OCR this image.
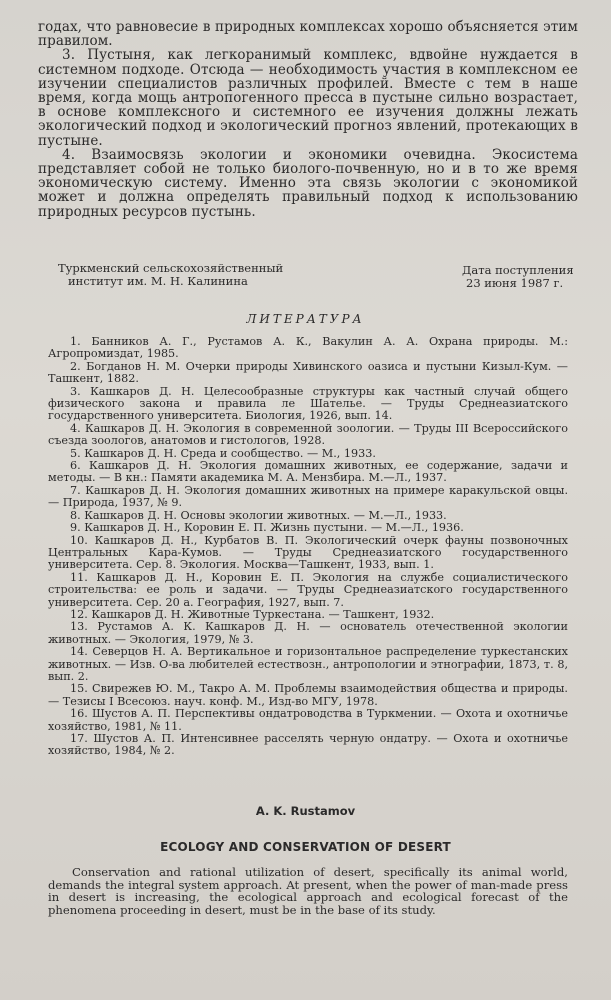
годах, что равновесие в природных комплексах хорошо объясняется этим правилом.

3. Пустыня, как легкоранимый комплекс, вдвойне нуждается в системном подходе. Отсюда — необходимость участия в комплексном ее изучении специалистов различных профилей. Вместе с тем в наше время, когда мощь антропогенного пресса в пустыне сильно возрастает, в основе комплексного и системного ее изучения должны лежать экологический подход и экологический прогноз явлений, протекающих в пустыне.

4. Взаимосвязь экологии и экономики очевидна. Экосистема представляет собой не только биолого-почвенную, но и в то же время экономическую систему. Именно эта связь экологии с экономикой может и должна определять правильный подход к использованию природных ресурсов пустынь.

Туркменский сельскохозяйственный
институт им. М. Н. Калинина
Дата поступления
23 июня 1987 г.
ЛИТЕРАТУРА

1. Банников А. Г., Рустамов А. К., Вакулин А. А. Охрана природы. М.: Агропромиздат, 1985.

2. Богданов Н. М. Очерки природы Хивинского оазиса и пустыни Кизыл-Кум. — Ташкент, 1882.

3. Кашкаров Д. Н. Целесообразные структуры как частный случай общего физического закона и правила ле Шателье. — Труды Среднеазиатского государственного университета. Биология, 1926, вып. 14.

4. Кашкаров Д. Н. Экология в современной зоологии. — Труды III Всероссийского съезда зоологов, анатомов и гистологов, 1928.

5. Кашкаров Д. Н. Среда и сообщество. — М., 1933.

6. Кашкаров Д. Н. Экология домашних животных, ее содержание, задачи и методы. — В кн.: Памяти академика М. А. Мензбира. М.—Л., 1937.

7. Кашкаров Д. Н. Экология домашних животных на примере каракульской овцы. — Природа, 1937, № 9.

8. Кашкаров Д. Н. Основы экологии животных. — М.—Л., 1933.

9. Кашкаров Д. Н., Коровин Е. П. Жизнь пустыни. — М.—Л., 1936.

10. Кашкаров Д. Н., Курбатов В. П. Экологический очерк фауны позвоночных Центральных Кара-Кумов. — Труды Среднеазиатского государственного университета. Сер. 8. Экология. Москва—Ташкент, 1933, вып. 1.

11. Кашкаров Д. Н., Коровин Е. П. Экология на службе социалистического строительства: ее роль и задачи. — Труды Среднеазиатского государственного университета. Сер. 20 а. География, 1927, вып. 7.

12. Кашкаров Д. Н. Животные Туркестана. — Ташкент, 1932.

13. Рустамов А. К. Кашкаров Д. Н. — основатель отечественной экологии животных. — Экология, 1979, № 3.

14. Северцов Н. А. Вертикальное и горизонтальное распределение туркестанских животных. — Изв. О-ва любителей естествозн., антропологии и этнографии, 1873, т. 8, вып. 2.

15. Свирежев Ю. М., Такро А. М. Проблемы взаимодействия общества и природы. — Тезисы I Всесоюз. науч. конф. М., Изд-во МГУ, 1978.

16. Шустов А. П. Перспективы ондатроводства в Туркмении. — Охота и охотничье хозяйство, 1981, № 11.

17. Шустов А. П. Интенсивнее расселять черную ондатру. — Охота и охотничье хозяйство, 1984, № 2.

A. K. Rustamov
ECOLOGY AND CONSERVATION OF DESERT

Conservation and rational utilization of desert, specifically its animal world, demands the integral system approach. At present, when the power of man-made press in desert is increasing, the ecological approach and ecological forecast of the phenomena proceeding in desert, must be in the base of its study.
